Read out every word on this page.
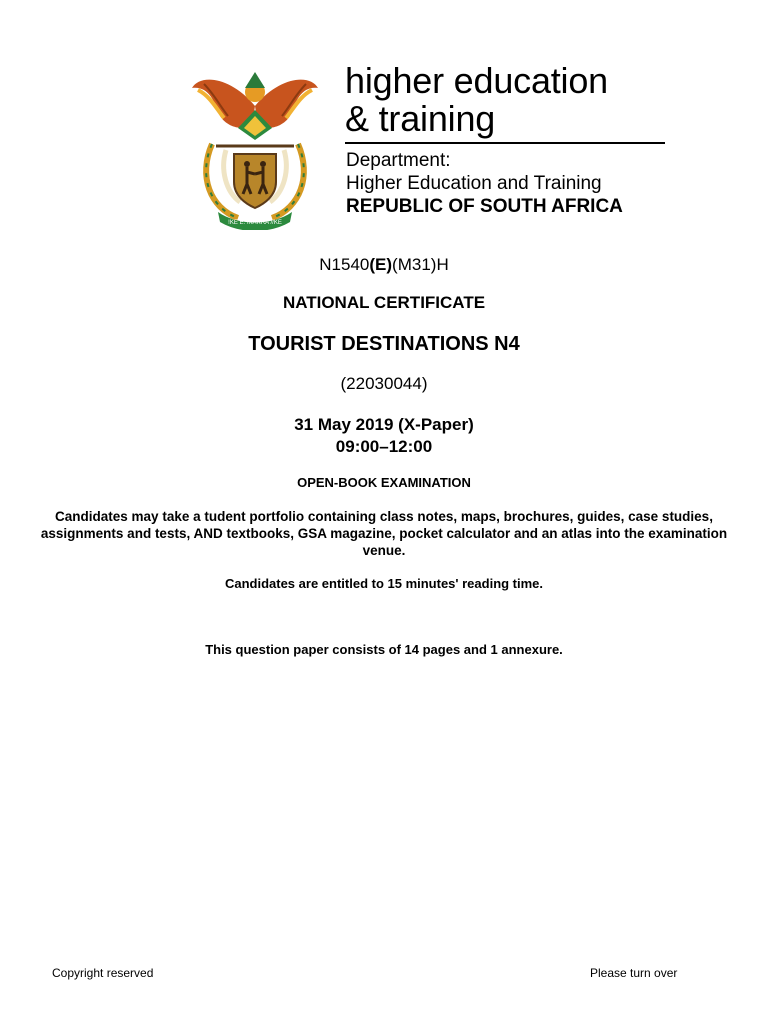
!KE E: /XARRA //KE
higher education
& training
Department:
Higher Education and Training
REPUBLIC OF SOUTH AFRICA
N1540(E)(M31)H
NATIONAL CERTIFICATE
TOURIST DESTINATIONS N4
(22030044)
31 May 2019 (X-Paper)
09:00–12:00
OPEN-BOOK EXAMINATION
Candidates may take a tudent portfolio containing class notes, maps, brochures, guides, case studies, assignments and tests, AND textbooks, GSA magazine, pocket calculator and an atlas into the examination venue.
Candidates are entitled to 15 minutes' reading time.
This question paper consists of 14 pages and 1 annexure.
Copyright reserved	Please turn over
